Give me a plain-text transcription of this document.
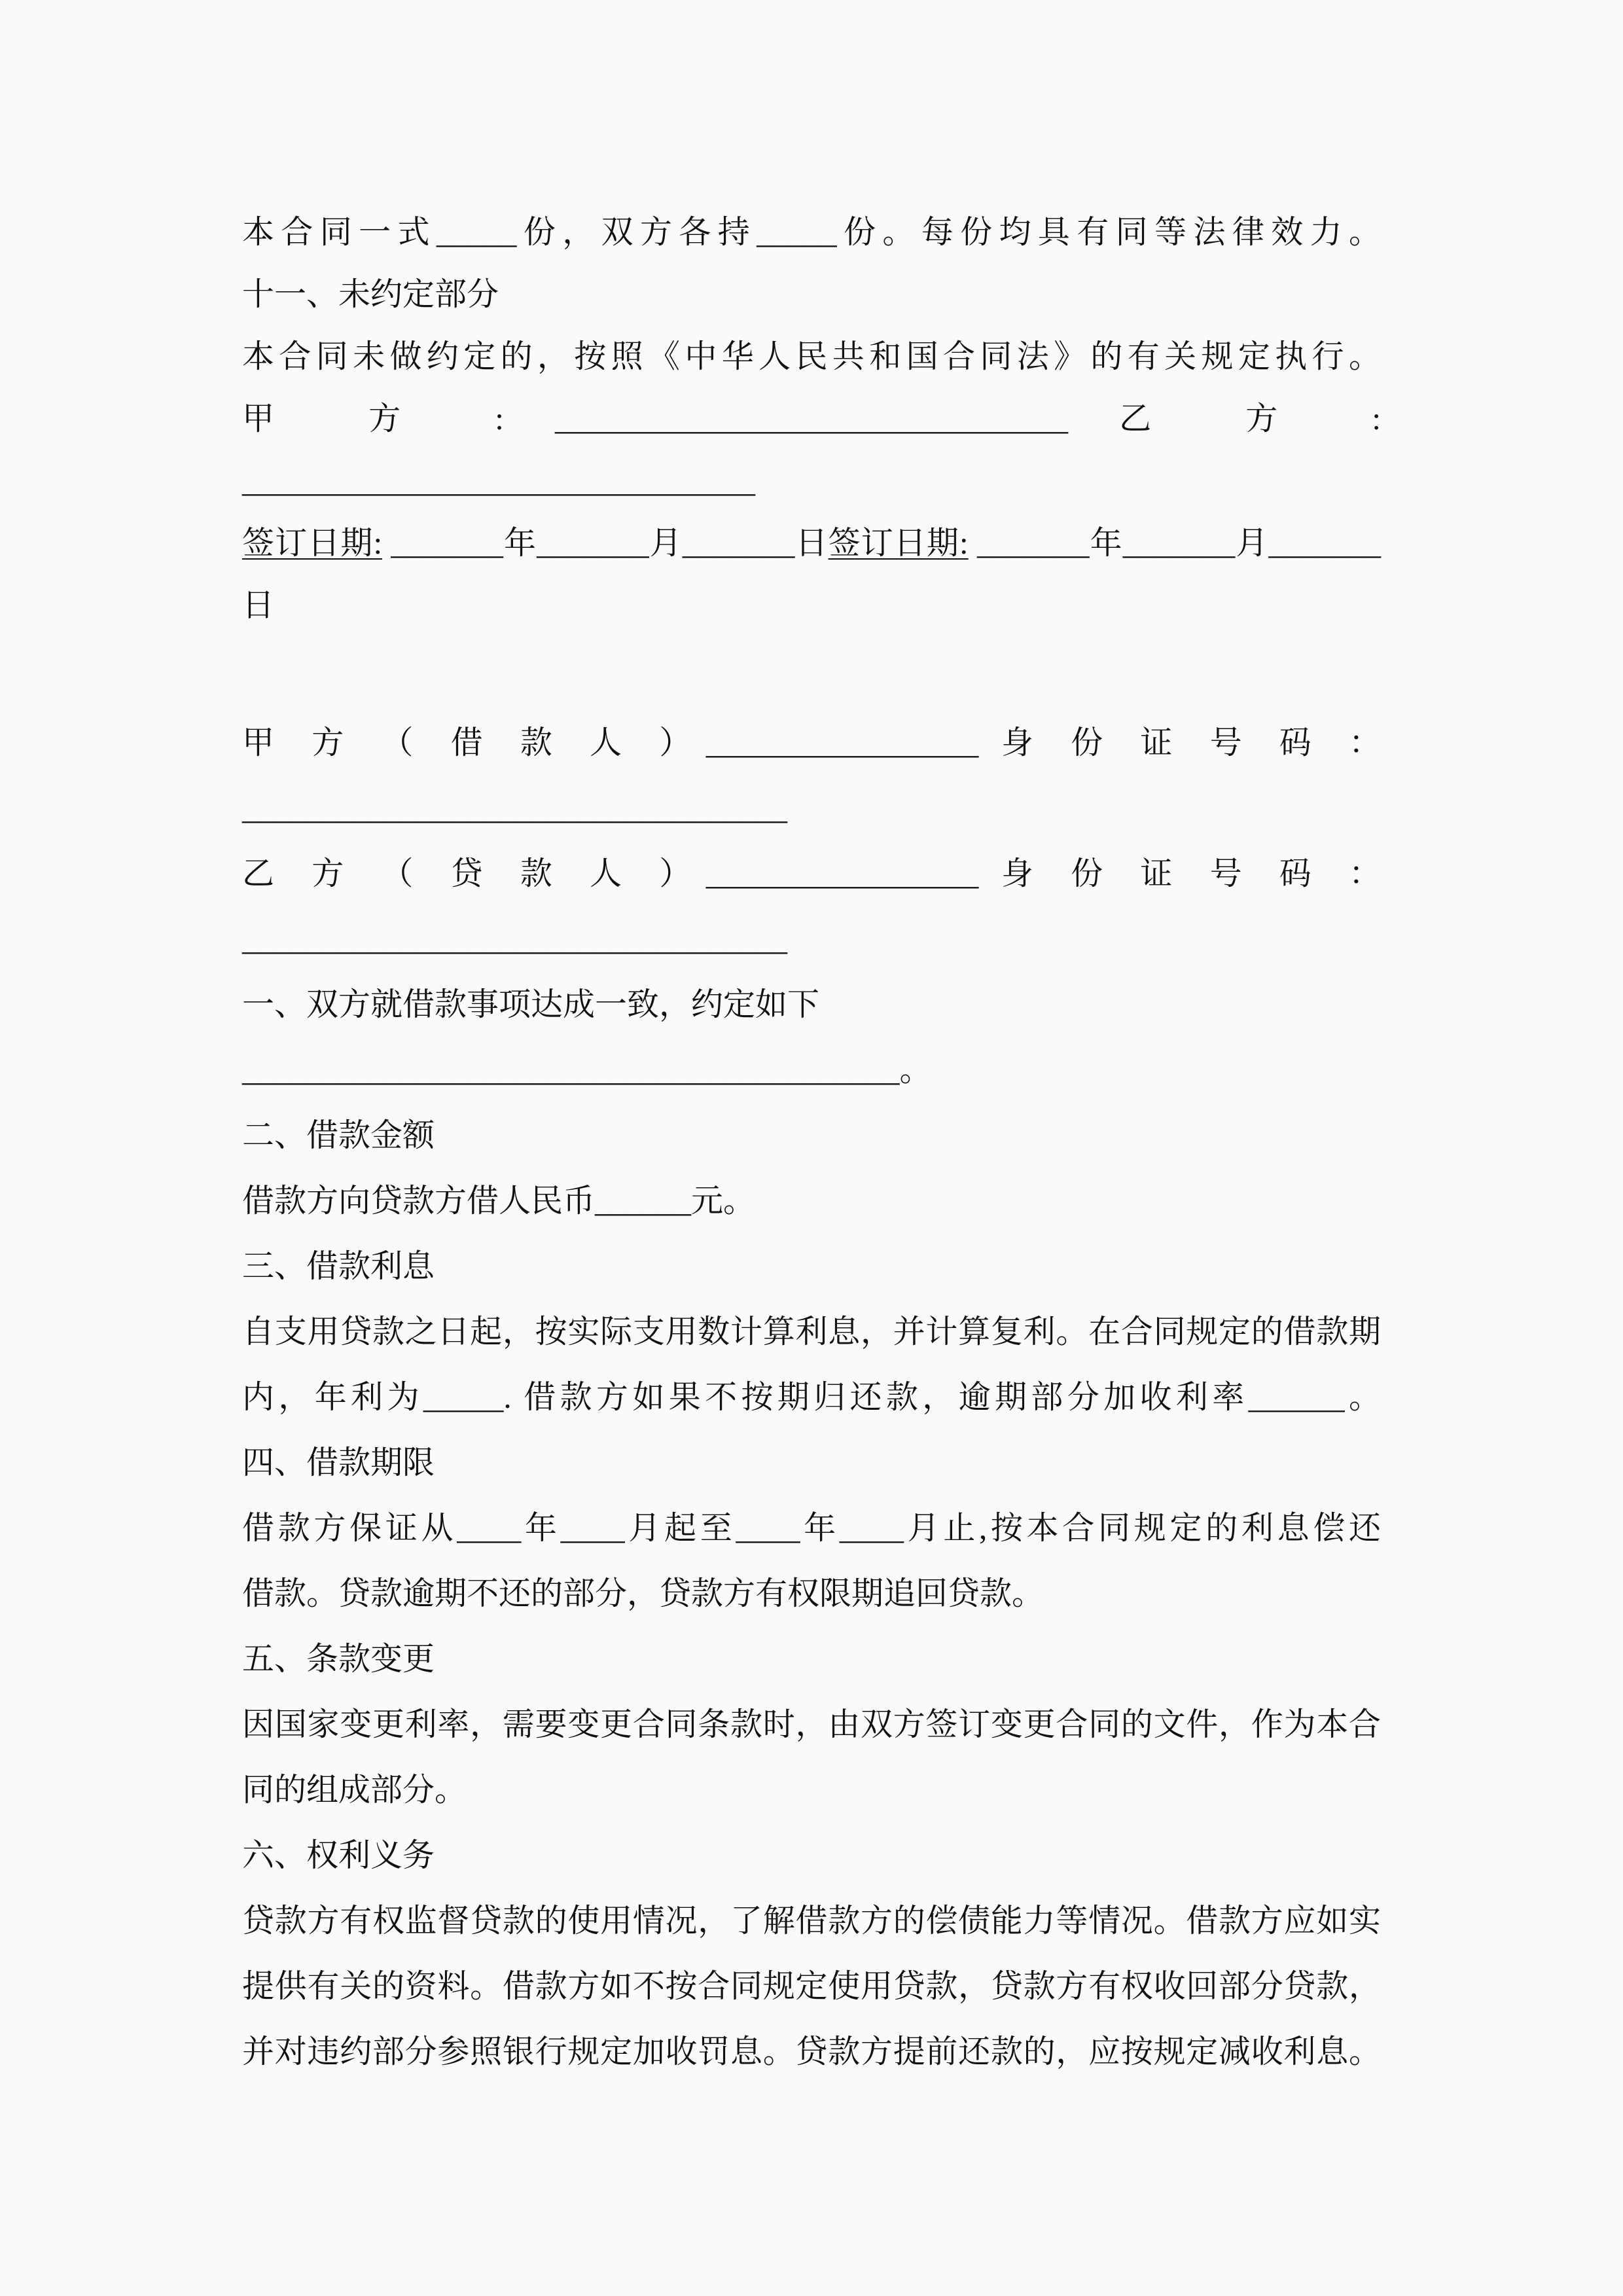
本合同一式_____份，双方各持_____份。每份均具有同等法律效力。
十一、未约定部分
本合同未做约定的，按照《中华人民共和国合同法》的有关规定执行。
甲 方 : ________________________________ 乙 方 :
________________________________
签订日期: _______年_______月_______日签订日期: _______年_______月_______
日
甲 方 （ 借 款 人 ）_________________ 身 份 证 号 码 ：
__________________________________
乙 方 （ 贷 款 人 ）_________________ 身 份 证 号 码 ：
__________________________________
一、双方就借款事项达成一致，约定如下
_________________________________________。
二、借款金额
借款方向贷款方借人民币______元。
三、借款利息
自支用贷款之日起，按实际支用数计算利息，并计算复利。在合同规定的借款期
内，年利为_____. 借款方如果不按期归还款，逾期部分加收利率______。
四、借款期限
借款方保证从____年____月起至____年____月止,按本合同规定的利息偿还
借款。贷款逾期不还的部分，贷款方有权限期追回贷款。
五、条款变更
因国家变更利率，需要变更合同条款时，由双方签订变更合同的文件，作为本合
同的组成部分。
六、权利义务
贷款方有权监督贷款的使用情况，了解借款方的偿债能力等情况。借款方应如实
提供有关的资料。借款方如不按合同规定使用贷款，贷款方有权收回部分贷款，
并对违约部分参照银行规定加收罚息。贷款方提前还款的，应按规定减收利息。
